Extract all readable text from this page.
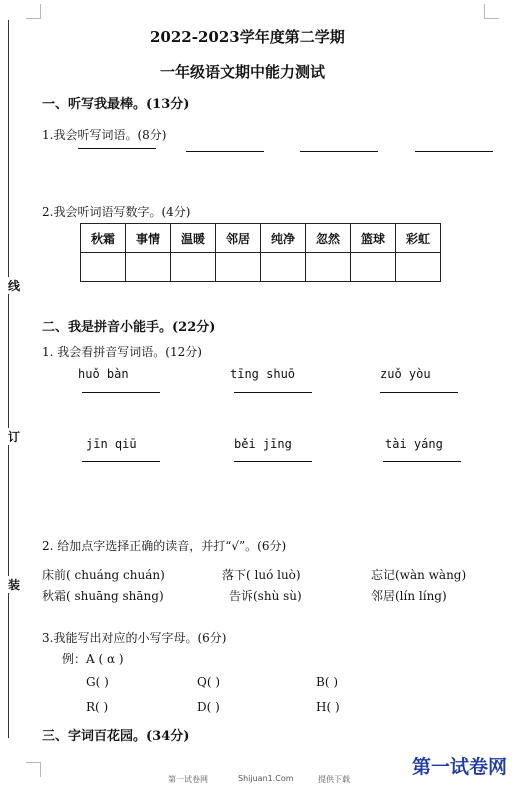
线
订
装
2022-2023学年度第二学期
一年级语文期中能力测试
一、听写我最棒。(13分)
1.我会听写词语。(8分)
2.我会听词语写数字。(4分)
秋霜	事情	温暖	邻居	纯净	忽然	篮球	彩虹

二、我是拼音小能手。(22分)
1. 我会看拼音写词语。(12分)
huǒ bàn	tīng shuō	zuǒ yòu
jīn qiū	běi jīng	tài yáng
2. 给加点字选择正确的读音，并打“√”。(6分)
床前( chuáng chuán)	落下( luó luò)	忘记(wàn wàng)
秋霜( shuāng shāng)	告诉(shù sù)	邻居(lín líng)
3.我能写出对应的小写字母。(6分)
例：A ( α )
G( )	Q( )	B( )
R( )	D( )	H( )
三、字词百花园。(34分)
第一试卷网
第一试卷网	Shijuan1.Com	提供下载
